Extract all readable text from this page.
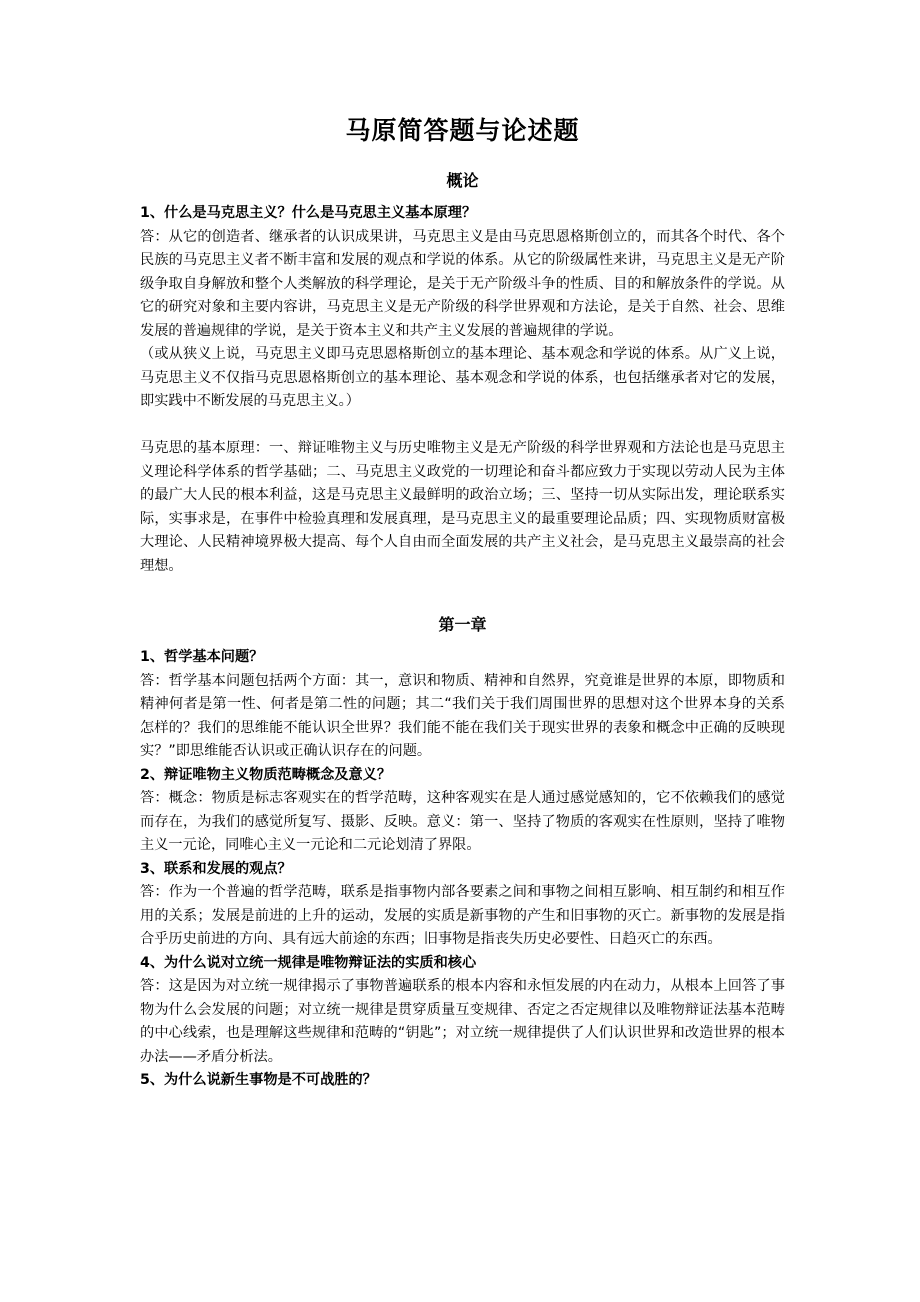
马原简答题与论述题
概论

1、什么是马克思主义？什么是马克思主义基本原理？

答：从它的创造者、继承者的认识成果讲，马克思主义是由马克思恩格斯创立的，而其各个时代、各个民族的马克思主义者不断丰富和发展的观点和学说的体系。从它的阶级属性来讲，马克思主义是无产阶级争取自身解放和整个人类解放的科学理论，是关于无产阶级斗争的性质、目的和解放条件的学说。从它的研究对象和主要内容讲，马克思主义是无产阶级的科学世界观和方法论，是关于自然、社会、思维发展的普遍规律的学说，是关于资本主义和共产主义发展的普遍规律的学说。

（或从狭义上说，马克思主义即马克思恩格斯创立的基本理论、基本观念和学说的体系。从广义上说，马克思主义不仅指马克思恩格斯创立的基本理论、基本观念和学说的体系，也包括继承者对它的发展，即实践中不断发展的马克思主义。）

马克思的基本原理：一、辩证唯物主义与历史唯物主义是无产阶级的科学世界观和方法论也是马克思主义理论科学体系的哲学基础；二、马克思主义政党的一切理论和奋斗都应致力于实现以劳动人民为主体的最广大人民的根本利益，这是马克思主义最鲜明的政治立场；三、坚持一切从实际出发，理论联系实际，实事求是，在事件中检验真理和发展真理，是马克思主义的最重要理论品质；四、实现物质财富极大理论、人民精神境界极大提高、每个人自由而全面发展的共产主义社会，是马克思主义最崇高的社会理想。

第一章

1、哲学基本问题？

答：哲学基本问题包括两个方面：其一，意识和物质、精神和自然界，究竟谁是世界的本原，即物质和精神何者是第一性、何者是第二性的问题；其二“我们关于我们周围世界的思想对这个世界本身的关系怎样的？我们的思维能不能认识全世界？我们能不能在我们关于现实世界的表象和概念中正确的反映现实？”即思维能否认识或正确认识存在的问题。

2、辩证唯物主义物质范畴概念及意义？

答：概念：物质是标志客观实在的哲学范畴，这种客观实在是人通过感觉感知的，它不依赖我们的感觉而存在，为我们的感觉所复写、摄影、反映。意义：第一、坚持了物质的客观实在性原则，坚持了唯物主义一元论，同唯心主义一元论和二元论划清了界限。

3、联系和发展的观点？

答：作为一个普遍的哲学范畴，联系是指事物内部各要素之间和事物之间相互影响、相互制约和相互作用的关系；发展是前进的上升的运动，发展的实质是新事物的产生和旧事物的灭亡。新事物的发展是指合乎历史前进的方向、具有远大前途的东西；旧事物是指丧失历史必要性、日趋灭亡的东西。

4、为什么说对立统一规律是唯物辩证法的实质和核心

答：这是因为对立统一规律揭示了事物普遍联系的根本内容和永恒发展的内在动力，从根本上回答了事物为什么会发展的问题；对立统一规律是贯穿质量互变规律、否定之否定规律以及唯物辩证法基本范畴的中心线索，也是理解这些规律和范畴的“钥匙”；对立统一规律提供了人们认识世界和改造世界的根本办法——矛盾分析法。

5、为什么说新生事物是不可战胜的？
